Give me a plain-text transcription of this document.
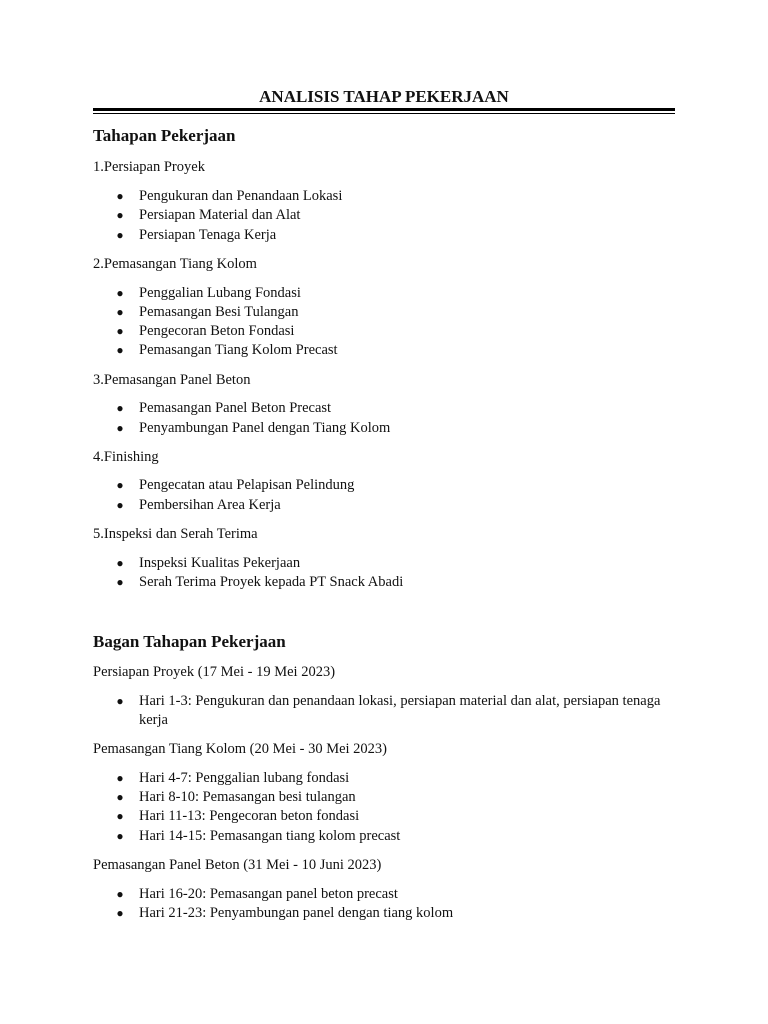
ANALISIS TAHAP PEKERJAAN
Tahapan Pekerjaan
1.Persiapan Proyek
● Pengukuran dan Penandaan Lokasi
● Persiapan Material dan Alat
● Persiapan Tenaga Kerja
2.Pemasangan Tiang Kolom
● Penggalian Lubang Fondasi
● Pemasangan Besi Tulangan
● Pengecoran Beton Fondasi
● Pemasangan Tiang Kolom Precast
3.Pemasangan Panel Beton
● Pemasangan Panel Beton Precast
● Penyambungan Panel dengan Tiang Kolom
4.Finishing
● Pengecatan atau Pelapisan Pelindung
● Pembersihan Area Kerja
5.Inspeksi dan Serah Terima
● Inspeksi Kualitas Pekerjaan
● Serah Terima Proyek kepada PT Snack Abadi
Bagan Tahapan Pekerjaan
Persiapan Proyek (17 Mei - 19 Mei 2023)
● Hari 1-3: Pengukuran dan penandaan lokasi, persiapan material dan alat, persiapan tenaga kerja
Pemasangan Tiang Kolom (20 Mei - 30 Mei 2023)
● Hari 4-7: Penggalian lubang fondasi
● Hari 8-10: Pemasangan besi tulangan
● Hari 11-13: Pengecoran beton fondasi
● Hari 14-15: Pemasangan tiang kolom precast
Pemasangan Panel Beton (31 Mei - 10 Juni 2023)
● Hari 16-20: Pemasangan panel beton precast
● Hari 21-23: Penyambungan panel dengan tiang kolom
